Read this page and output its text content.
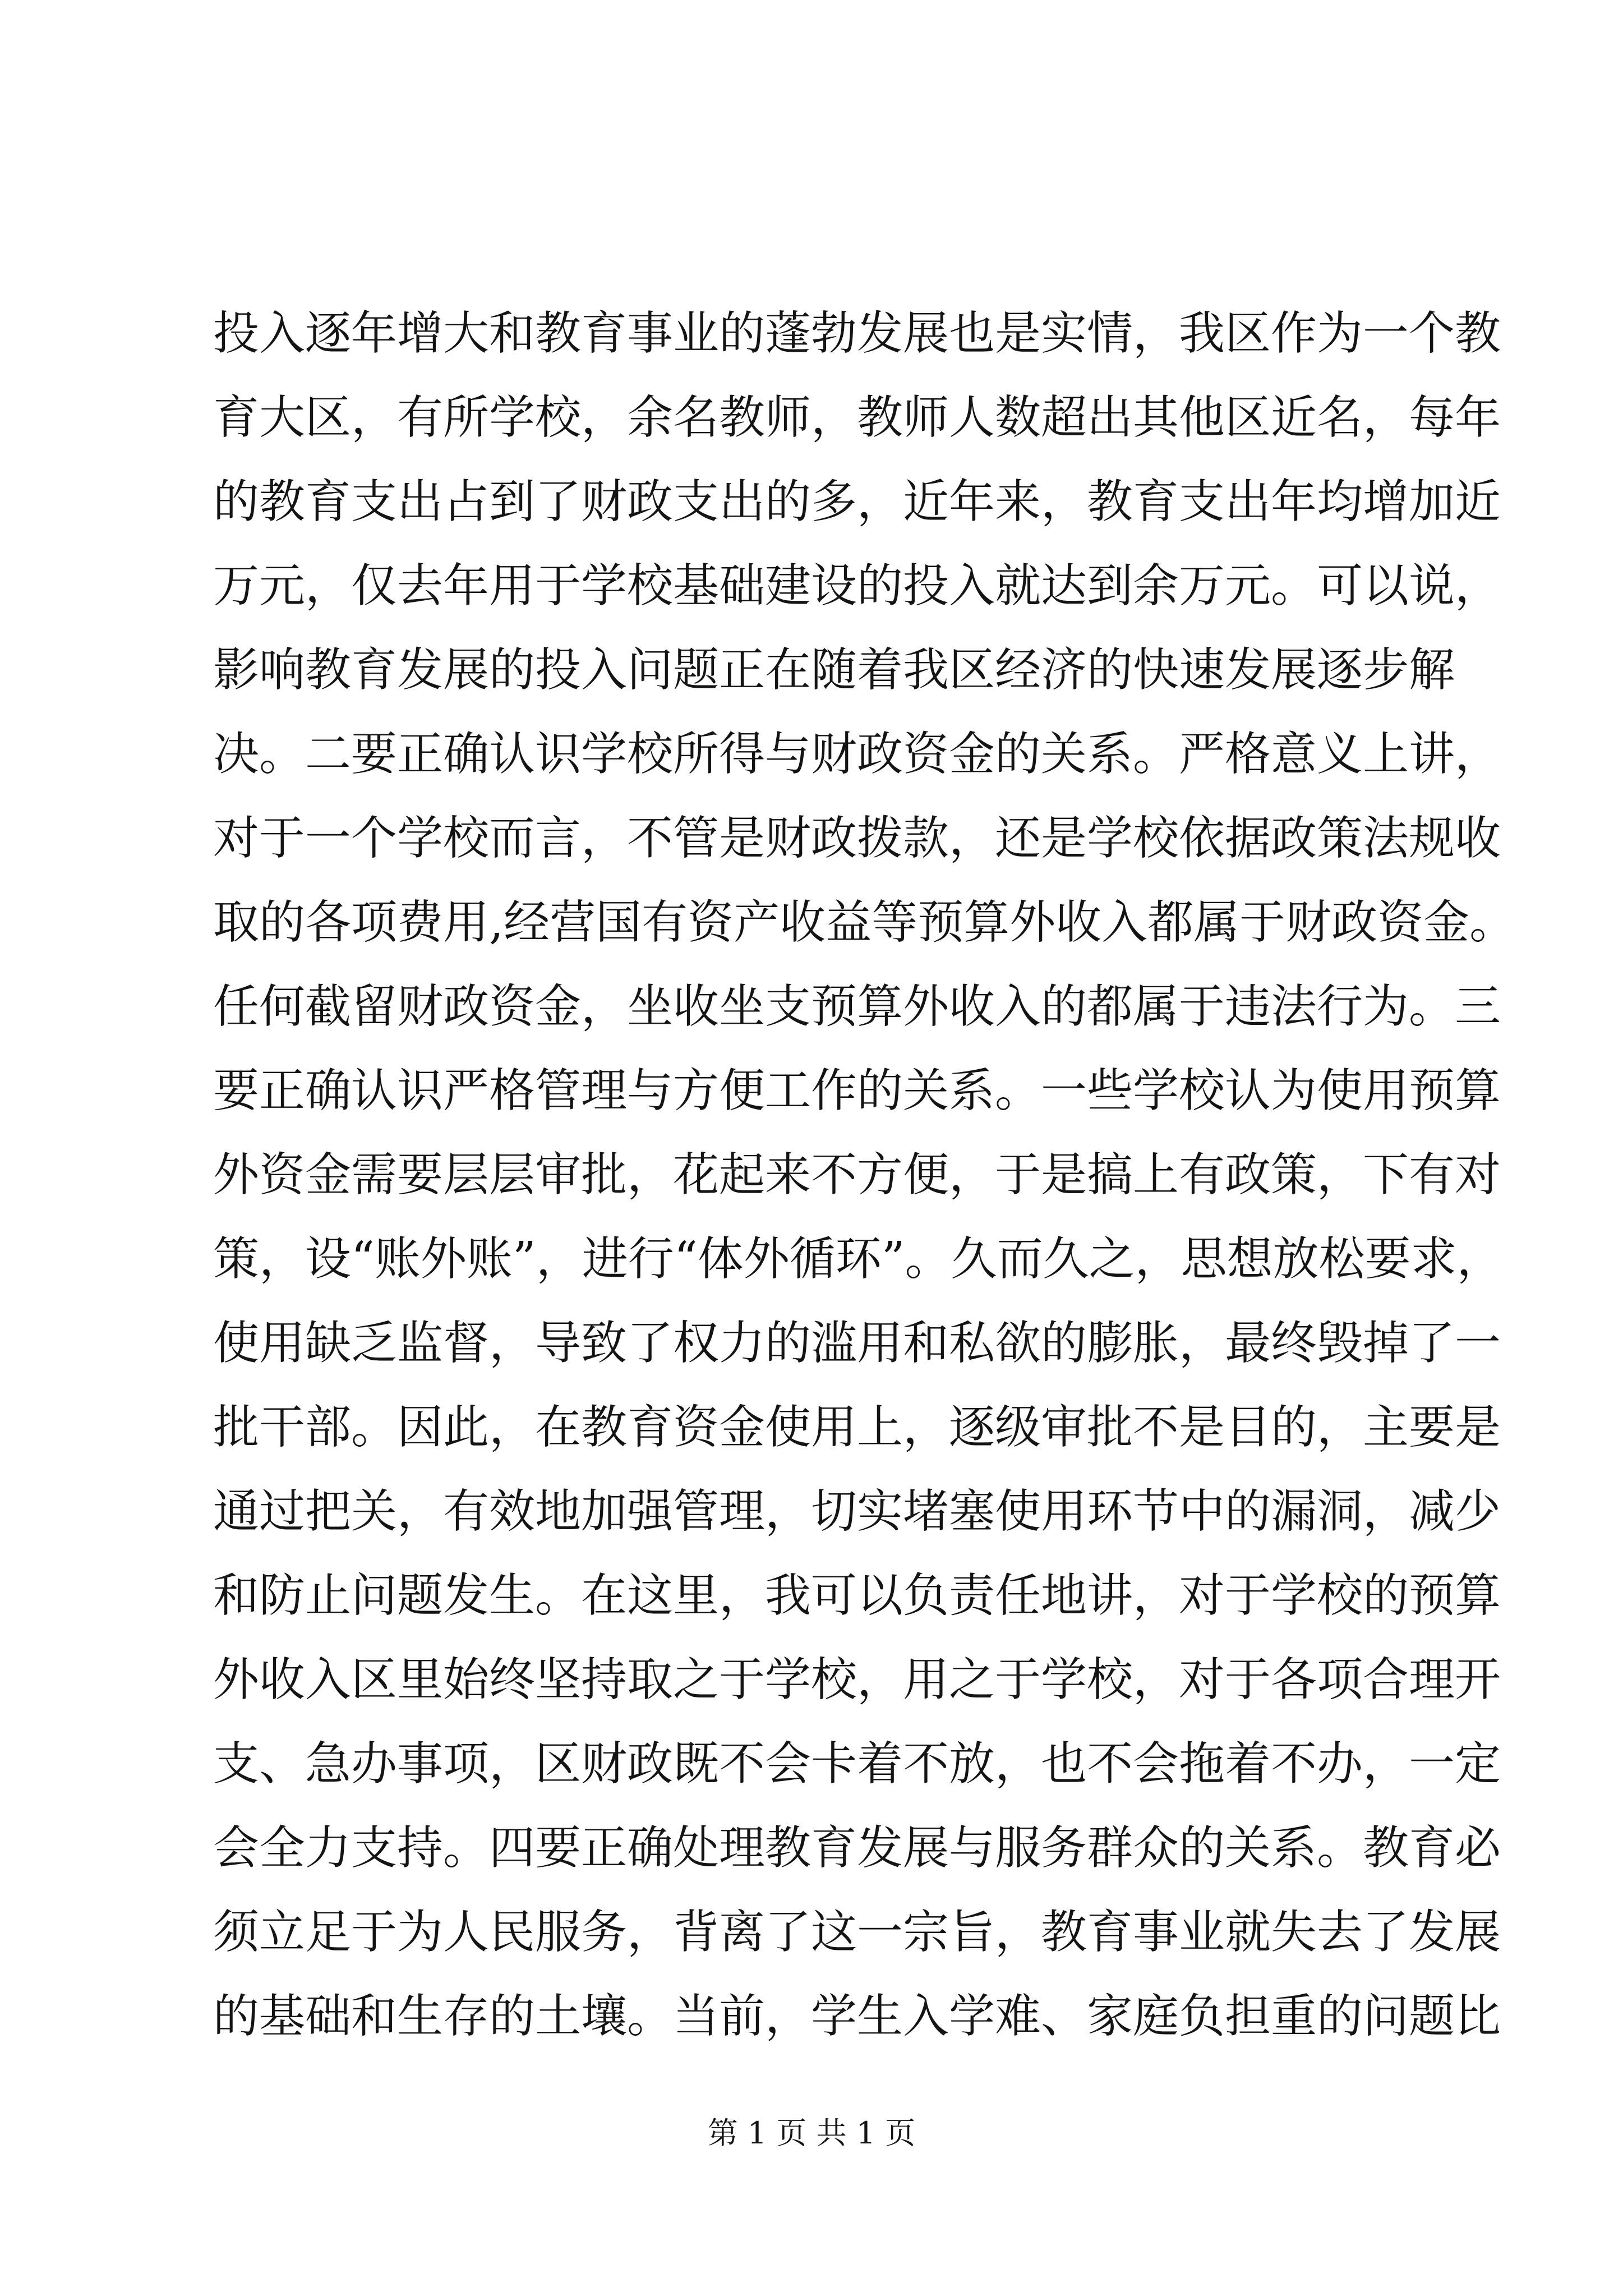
投入逐年增大和教育事业的蓬勃发展也是实情，我区作为一个教
育大区，有所学校，余名教师，教师人数超出其他区近名，每年
的教育支出占到了财政支出的多，近年来，教育支出年均增加近
万元，仅去年用于学校基础建设的投入就达到余万元。可以说，
影响教育发展的投入问题正在随着我区经济的快速发展逐步解
决。二要正确认识学校所得与财政资金的关系。严格意义上讲，
对于一个学校而言，不管是财政拨款，还是学校依据政策法规收
取的各项费用,经营国有资产收益等预算外收入都属于财政资金。
任何截留财政资金，坐收坐支预算外收入的都属于违法行为。三
要正确认识严格管理与方便工作的关系。一些学校认为使用预算
外资金需要层层审批，花起来不方便，于是搞上有政策，下有对
策，设“账外账”，进行“体外循环”。久而久之，思想放松要求，
使用缺乏监督，导致了权力的滥用和私欲的膨胀，最终毁掉了一
批干部。因此，在教育资金使用上，逐级审批不是目的，主要是
通过把关，有效地加强管理，切实堵塞使用环节中的漏洞，减少
和防止问题发生。在这里，我可以负责任地讲，对于学校的预算
外收入区里始终坚持取之于学校，用之于学校，对于各项合理开
支、急办事项，区财政既不会卡着不放，也不会拖着不办，一定
会全力支持。四要正确处理教育发展与服务群众的关系。教育必
须立足于为人民服务，背离了这一宗旨，教育事业就失去了发展
的基础和生存的土壤。当前，学生入学难、家庭负担重的问题比
第 1 页 共 1 页
